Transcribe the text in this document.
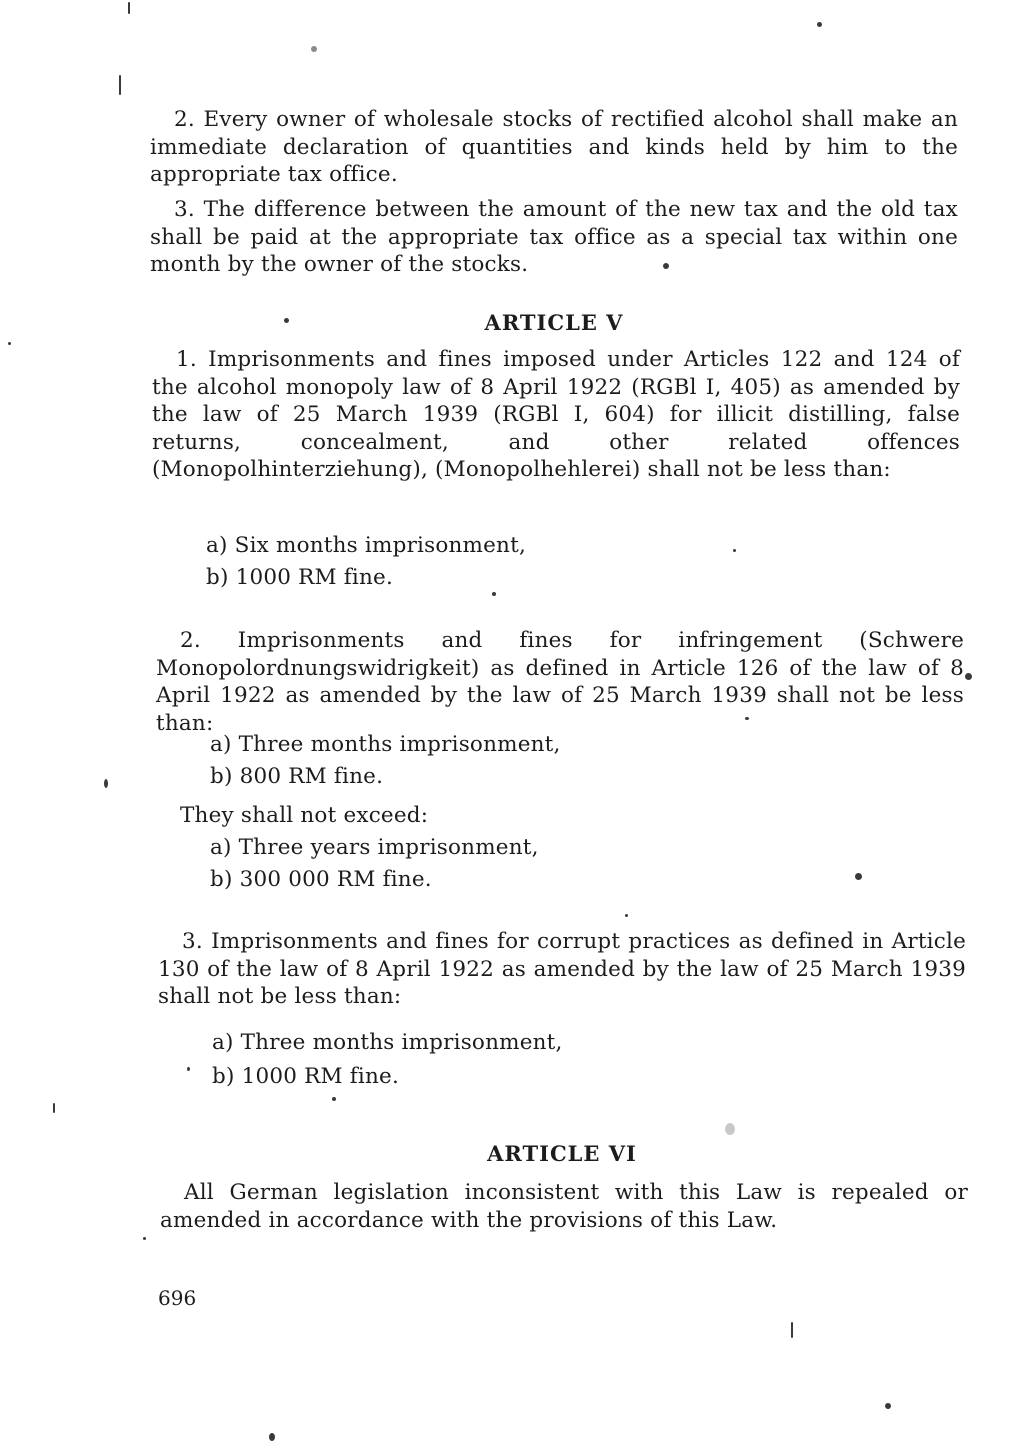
2. Every owner of wholesale stocks of rectified alcohol shall make an immediate declaration of quantities and kinds held by him to the appropriate tax office.

3. The difference between the amount of the new tax and the old tax shall be paid at the appropriate tax office as a special tax within one month by the owner of the stocks.

ARTICLE V

1. Imprisonments and fines imposed under Articles 122 and 124 of the alcohol monopoly law of 8 April 1922 (RGBl I, 405) as amended by the law of 25 March 1939 (RGBl I, 604) for illicit distilling, false returns, concealment, and other related offences (Monopolhinterziehung), (Monopolhehlerei) shall not be less than:

a) Six months imprisonment,

b) 1000 RM fine.

2. Imprisonments and fines for infringement (Schwere Monopolordnungswidrigkeit) as defined in Article 126 of the law of 8 April 1922 as amended by the law of 25 March 1939 shall not be less than:

a) Three months imprisonment,

b) 800 RM fine.

They shall not exceed:

a) Three years imprisonment,

b) 300 000 RM fine.

3. Imprisonments and fines for corrupt practices as defined in Article 130 of the law of 8 April 1922 as amended by the law of 25 March 1939 shall not be less than:

a) Three months imprisonment,

b) 1000 RM fine.

ARTICLE VI

All German legislation inconsistent with this Law is repealed or amended in accordance with the provisions of this Law.

696
